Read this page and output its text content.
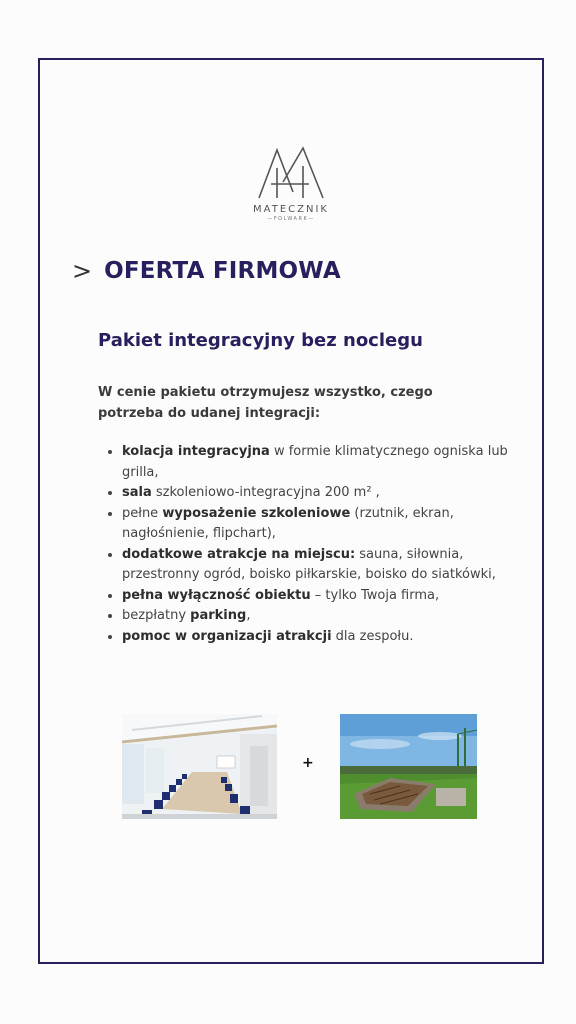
MATECZNIK
—FOLWARK—
> OFERTA FIRMOWA
Pakiet integracyjny bez noclegu
W cenie pakietu otrzymujesz wszystko, czego potrzeba do udanej integracji:
• kolacja integracyjna w formie klimatycznego ogniska lub grilla,
• sala szkoleniowo-integracyjna 200 m² ,
• pełne wyposażenie szkoleniowe (rzutnik, ekran, nagłośnienie, flipchart),
• dodatkowe atrakcje na miejscu: sauna, siłownia, przestronny ogród, boisko piłkarskie, boisko do siatkówki,
• pełna wyłączność obiektu – tylko Twoja firma,
• bezpłatny parking,
• pomoc w organizacji atrakcji dla zespołu.
+
